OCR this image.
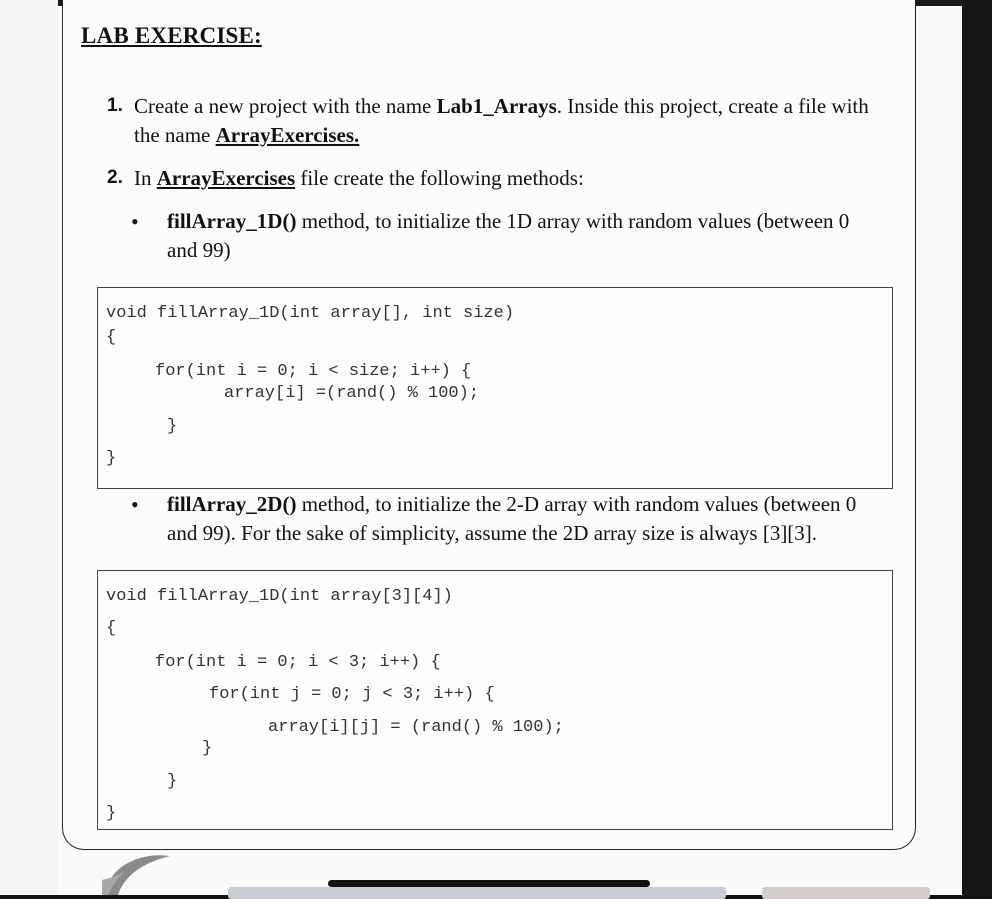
LAB EXERCISE:
1. Create a new project with the name Lab1_Arrays. Inside this project, create a file with
the name ArrayExercises.
2. In ArrayExercises file create the following methods:
• fillArray_1D() method, to initialize the 1D array with random values (between 0
and 99)
void fillArray_1D(int array[], int size)
{
for(int i = 0; i < size; i++) {
array[i] =(rand() % 100);
}
}
• fillArray_2D() method, to initialize the 2-D array with random values (between 0
and 99). For the sake of simplicity, assume the 2D array size is always [3][3].
void fillArray_1D(int array[3][4])
{
for(int i = 0; i < 3; i++) {
for(int j = 0; j < 3; i++) {
array[i][j] = (rand() % 100);
}
}
}
